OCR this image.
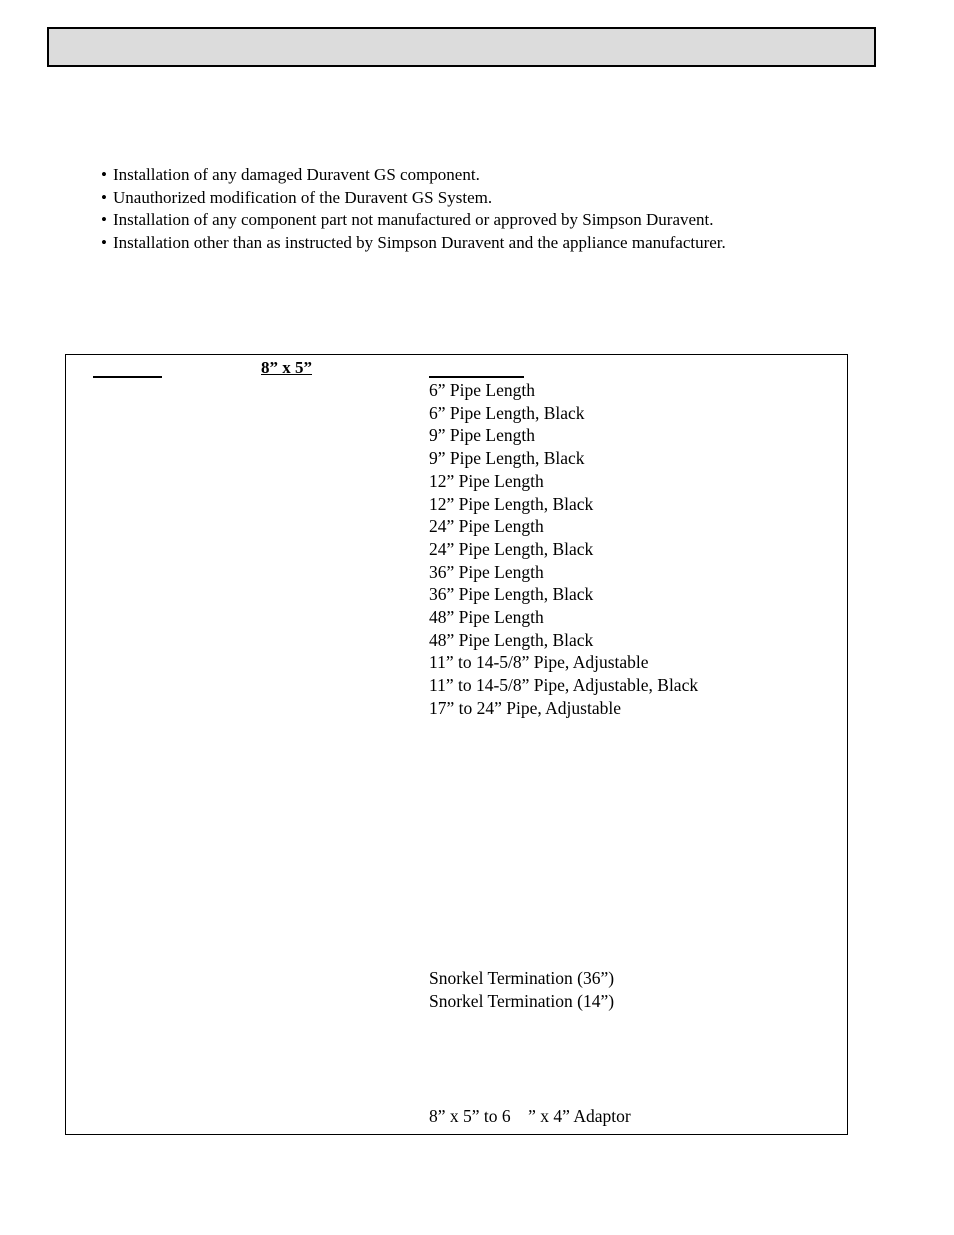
• Installation of any damaged Duravent GS component.
• Unauthorized modification of the Duravent GS System.
• Installation of any component part not manufactured or approved by Simpson Duravent.
• Installation other than as instructed by Simpson Duravent and the appliance manufacturer.
8” x 5”
6” Pipe Length
6” Pipe Length, Black
9” Pipe Length
9” Pipe Length, Black
12” Pipe Length
12” Pipe Length, Black
24” Pipe Length
24” Pipe Length, Black
36” Pipe Length
36” Pipe Length, Black
48” Pipe Length
48” Pipe Length, Black
11” to 14-5/8” Pipe, Adjustable
11” to 14-5/8” Pipe, Adjustable, Black
17” to 24” Pipe, Adjustable
Snorkel Termination (36”)
Snorkel Termination (14”)
8” x 5” to 6    ” x 4” Adaptor
